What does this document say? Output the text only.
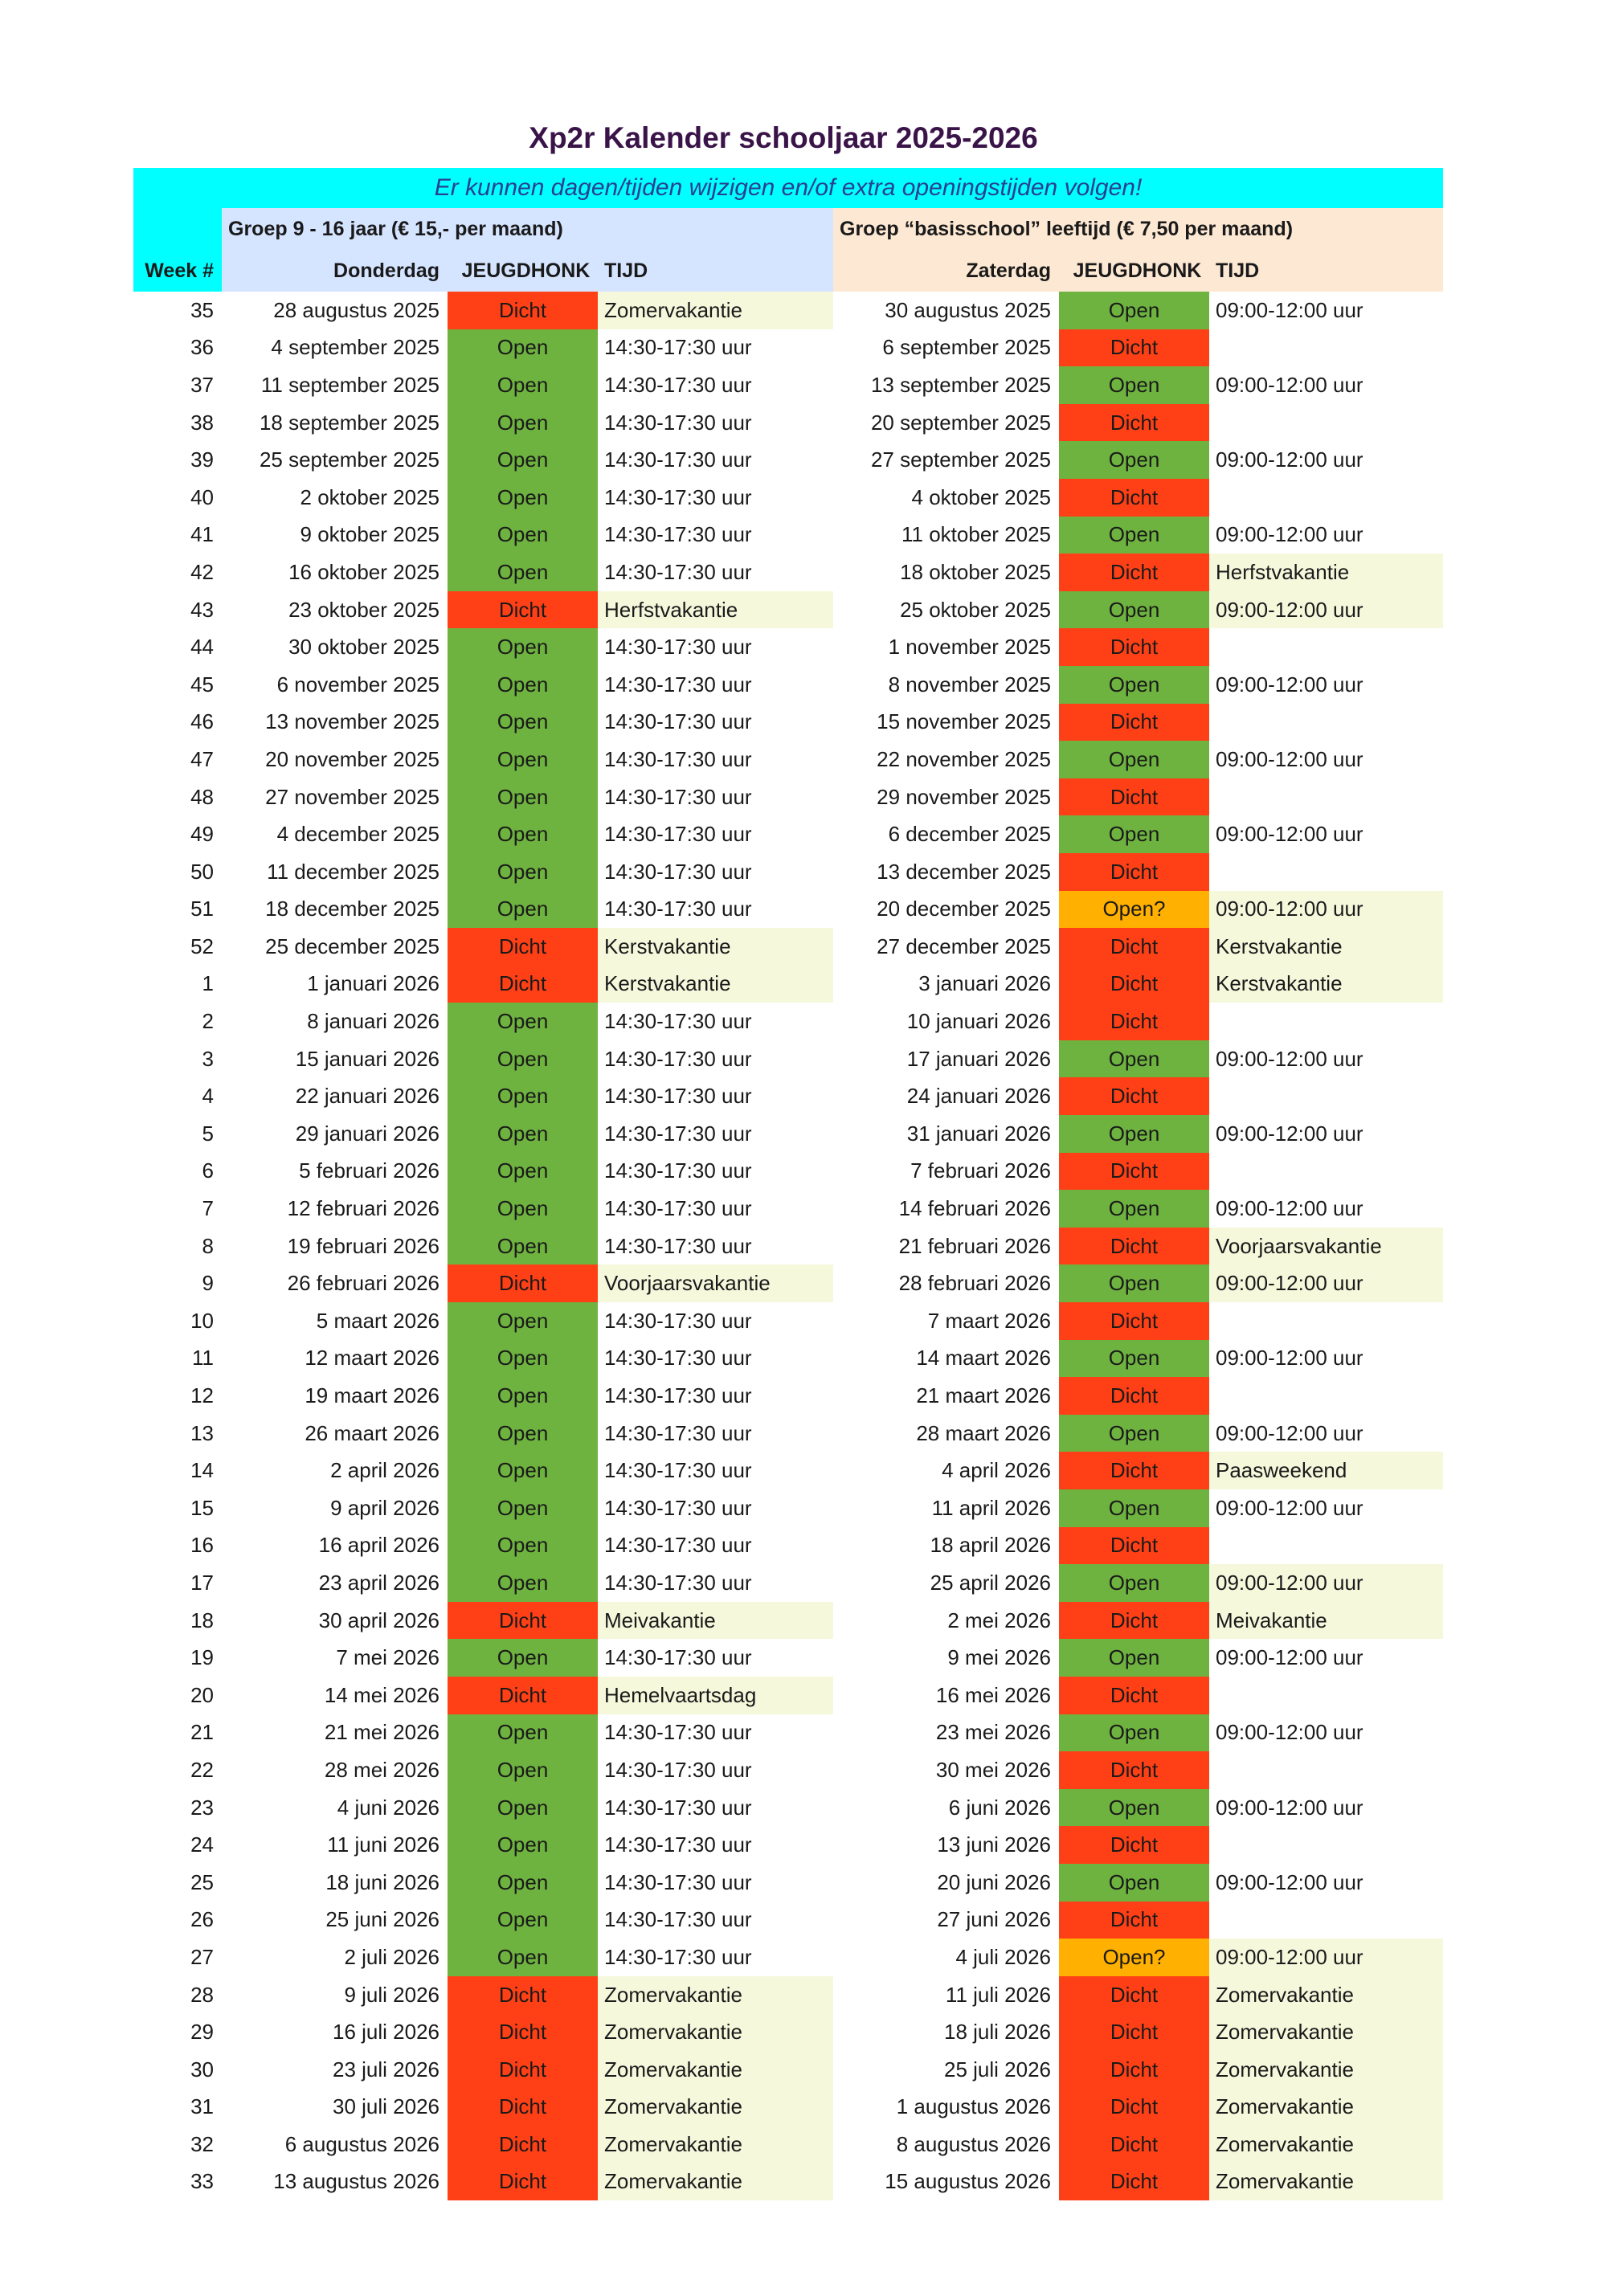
Xp2r Kalender schooljaar 2025-2026
Er kunnen dagen/tijden wijzigen en/of extra openingstijden volgen!						
	Groep 9 - 16 jaar (€ 15,- per maand)			Groep “basisschool” leeftijd (€ 7,50 per maand)		
Week #	Donderdag	JEUGDHONK	TIJD	Zaterdag	JEUGDHONK	TIJD
35	28 augustus 2025	Dicht	Zomervakantie	30 augustus 2025	Open	09:00-12:00 uur
36	4 september 2025	Open	14:30-17:30 uur	6 september 2025	Dicht	
37	11 september 2025	Open	14:30-17:30 uur	13 september 2025	Open	09:00-12:00 uur
38	18 september 2025	Open	14:30-17:30 uur	20 september 2025	Dicht	
39	25 september 2025	Open	14:30-17:30 uur	27 september 2025	Open	09:00-12:00 uur
40	2 oktober 2025	Open	14:30-17:30 uur	4 oktober 2025	Dicht	
41	9 oktober 2025	Open	14:30-17:30 uur	11 oktober 2025	Open	09:00-12:00 uur
42	16 oktober 2025	Open	14:30-17:30 uur	18 oktober 2025	Dicht	Herfstvakantie
43	23 oktober 2025	Dicht	Herfstvakantie	25 oktober 2025	Open	09:00-12:00 uur
44	30 oktober 2025	Open	14:30-17:30 uur	1 november 2025	Dicht	
45	6 november 2025	Open	14:30-17:30 uur	8 november 2025	Open	09:00-12:00 uur
46	13 november 2025	Open	14:30-17:30 uur	15 november 2025	Dicht	
47	20 november 2025	Open	14:30-17:30 uur	22 november 2025	Open	09:00-12:00 uur
48	27 november 2025	Open	14:30-17:30 uur	29 november 2025	Dicht	
49	4 december 2025	Open	14:30-17:30 uur	6 december 2025	Open	09:00-12:00 uur
50	11 december 2025	Open	14:30-17:30 uur	13 december 2025	Dicht	
51	18 december 2025	Open	14:30-17:30 uur	20 december 2025	Open?	09:00-12:00 uur
52	25 december 2025	Dicht	Kerstvakantie	27 december 2025	Dicht	Kerstvakantie
1	1 januari 2026	Dicht	Kerstvakantie	3 januari 2026	Dicht	Kerstvakantie
2	8 januari 2026	Open	14:30-17:30 uur	10 januari 2026	Dicht	
3	15 januari 2026	Open	14:30-17:30 uur	17 januari 2026	Open	09:00-12:00 uur
4	22 januari 2026	Open	14:30-17:30 uur	24 januari 2026	Dicht	
5	29 januari 2026	Open	14:30-17:30 uur	31 januari 2026	Open	09:00-12:00 uur
6	5 februari 2026	Open	14:30-17:30 uur	7 februari 2026	Dicht	
7	12 februari 2026	Open	14:30-17:30 uur	14 februari 2026	Open	09:00-12:00 uur
8	19 februari 2026	Open	14:30-17:30 uur	21 februari 2026	Dicht	Voorjaarsvakantie
9	26 februari 2026	Dicht	Voorjaarsvakantie	28 februari 2026	Open	09:00-12:00 uur
10	5 maart 2026	Open	14:30-17:30 uur	7 maart 2026	Dicht	
11	12 maart 2026	Open	14:30-17:30 uur	14 maart 2026	Open	09:00-12:00 uur
12	19 maart 2026	Open	14:30-17:30 uur	21 maart 2026	Dicht	
13	26 maart 2026	Open	14:30-17:30 uur	28 maart 2026	Open	09:00-12:00 uur
14	2 april 2026	Open	14:30-17:30 uur	4 april 2026	Dicht	Paasweekend
15	9 april 2026	Open	14:30-17:30 uur	11 april 2026	Open	09:00-12:00 uur
16	16 april 2026	Open	14:30-17:30 uur	18 april 2026	Dicht	
17	23 april 2026	Open	14:30-17:30 uur	25 april 2026	Open	09:00-12:00 uur
18	30 april 2026	Dicht	Meivakantie	2 mei 2026	Dicht	Meivakantie
19	7 mei 2026	Open	14:30-17:30 uur	9 mei 2026	Open	09:00-12:00 uur
20	14 mei 2026	Dicht	Hemelvaartsdag	16 mei 2026	Dicht	
21	21 mei 2026	Open	14:30-17:30 uur	23 mei 2026	Open	09:00-12:00 uur
22	28 mei 2026	Open	14:30-17:30 uur	30 mei 2026	Dicht	
23	4 juni 2026	Open	14:30-17:30 uur	6 juni 2026	Open	09:00-12:00 uur
24	11 juni 2026	Open	14:30-17:30 uur	13 juni 2026	Dicht	
25	18 juni 2026	Open	14:30-17:30 uur	20 juni 2026	Open	09:00-12:00 uur
26	25 juni 2026	Open	14:30-17:30 uur	27 juni 2026	Dicht	
27	2 juli 2026	Open	14:30-17:30 uur	4 juli 2026	Open?	09:00-12:00 uur
28	9 juli 2026	Dicht	Zomervakantie	11 juli 2026	Dicht	Zomervakantie
29	16 juli 2026	Dicht	Zomervakantie	18 juli 2026	Dicht	Zomervakantie
30	23 juli 2026	Dicht	Zomervakantie	25 juli 2026	Dicht	Zomervakantie
31	30 juli 2026	Dicht	Zomervakantie	1 augustus 2026	Dicht	Zomervakantie
32	6 augustus 2026	Dicht	Zomervakantie	8 augustus 2026	Dicht	Zomervakantie
33	13 augustus 2026	Dicht	Zomervakantie	15 augustus 2026	Dicht	Zomervakantie
